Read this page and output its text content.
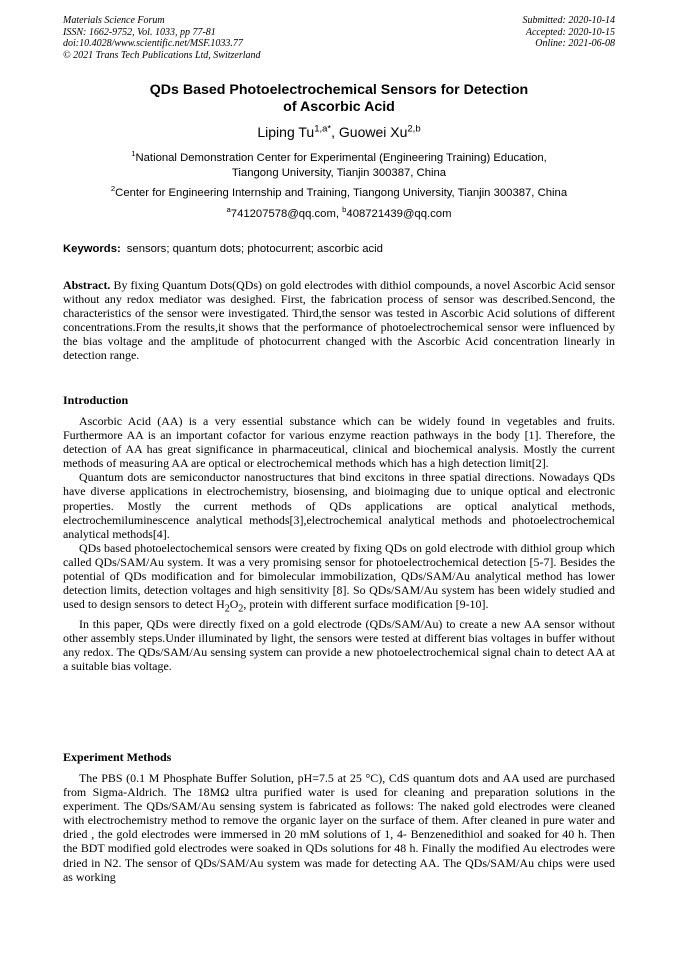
Materials Science Forum
ISSN: 1662-9752, Vol. 1033, pp 77-81
doi:10.4028/www.scientific.net/MSF.1033.77
© 2021 Trans Tech Publications Ltd, Switzerland
Submitted: 2020-10-14
Accepted: 2020-10-15
Online: 2021-06-08
QDs Based Photoelectrochemical Sensors for Detection
of Ascorbic Acid
Liping $Tu^{1,a*}$, Guowei Xu$^{2,b}$
$^1$National Demonstration Center for Experimental (Engineering Training) Education,
Tiangong University, Tianjin 300387, China
$^2$Center for Engineering Internship and Training, Tiangong University, Tianjin 300387, China
$^a$741207578@qq.com, $^b$408721439@qq.com
Keywords: sensors; quantum dots; photocurrent; ascorbic acid
Abstract. By fixing Quantum Dots(QDs) on gold electrodes with dithiol compounds, a novel Ascorbic Acid sensor without any redox mediator was desighed. First, the fabrication process of sensor was described.Sencond, the characteristics of the sensor were investigated. Third,the sensor was tested in Ascorbic Acid solutions of different concentrations.From the results,it shows that the performance of photoelectrochemical sensor were influenced by the bias voltage and the amplitude of photocurrent changed with the Ascorbic Acid concentration linearly in detection range.
Introduction

Ascorbic Acid (AA) is a very essential substance which can be widely found in vegetables and fruits. Furthermore AA is an important cofactor for various enzyme reaction pathways in the body [1]. Therefore, the detection of AA has great significance in pharmaceutical, clinical and biochemical analysis. Mostly the current methods of measuring AA are optical or electrochemical methods which has a high detection limit[2].

Quantum dots are semiconductor nanostructures that bind excitons in three spatial directions. Nowadays QDs have diverse applications in electrochemistry, biosensing, and bioimaging due to unique optical and electronic properties. Mostly the current methods of QDs applications are optical analytical methods, electrochemiluminescence analytical methods[3],electrochemical analytical methods and photoelectrochemical analytical methods[4].

QDs based photoelectochemical sensors were created by fixing QDs on gold electrode with dithiol group which called QDs/SAM/Au system. It was a very promising sensor for photoelectrochemical detection [5-7]. Besides the potential of QDs modification and for bimolecular immobilization, QDs/SAM/Au analytical method has lower detection limits, detection voltages and high sensitivity [8]. So QDs/SAM/Au system has been widely studied and used to design sensors to detect $H_2O_2$, protein with different surface modification [9-10].

In this paper, QDs were directly fixed on a gold electrode (QDs/SAM/Au) to create a new AA sensor without other assembly steps.Under illuminated by light, the sensors were tested at different bias voltages in buffer without any redox. The QDs/SAM/Au sensing system can provide a new photoelectrochemical signal chain to detect AA at a suitable bias voltage.

Experiment Methods

The PBS (0.1 M Phosphate Buffer Solution, pH=7.5 at 25 °C), CdS quantum dots and AA used are purchased from Sigma-Aldrich. The 18MΩ ultra purified water is used for cleaning and preparation solutions in the experiment. The QDs/SAM/Au sensing system is fabricated as follows: The naked gold electrodes were cleaned with electrochemistry method to remove the organic layer on the surface of them. After cleaned in pure water and dried , the gold electrodes were immersed in 20 mM solutions of 1, 4- Benzenedithiol and soaked for 40 h. Then the BDT modified gold electrodes were soaked in QDs solutions for 48 h. Finally the modified Au electrodes were dried in N2. The sensor of QDs/SAM/Au system was made for detecting AA. The QDs/SAM/Au chips were used as working
